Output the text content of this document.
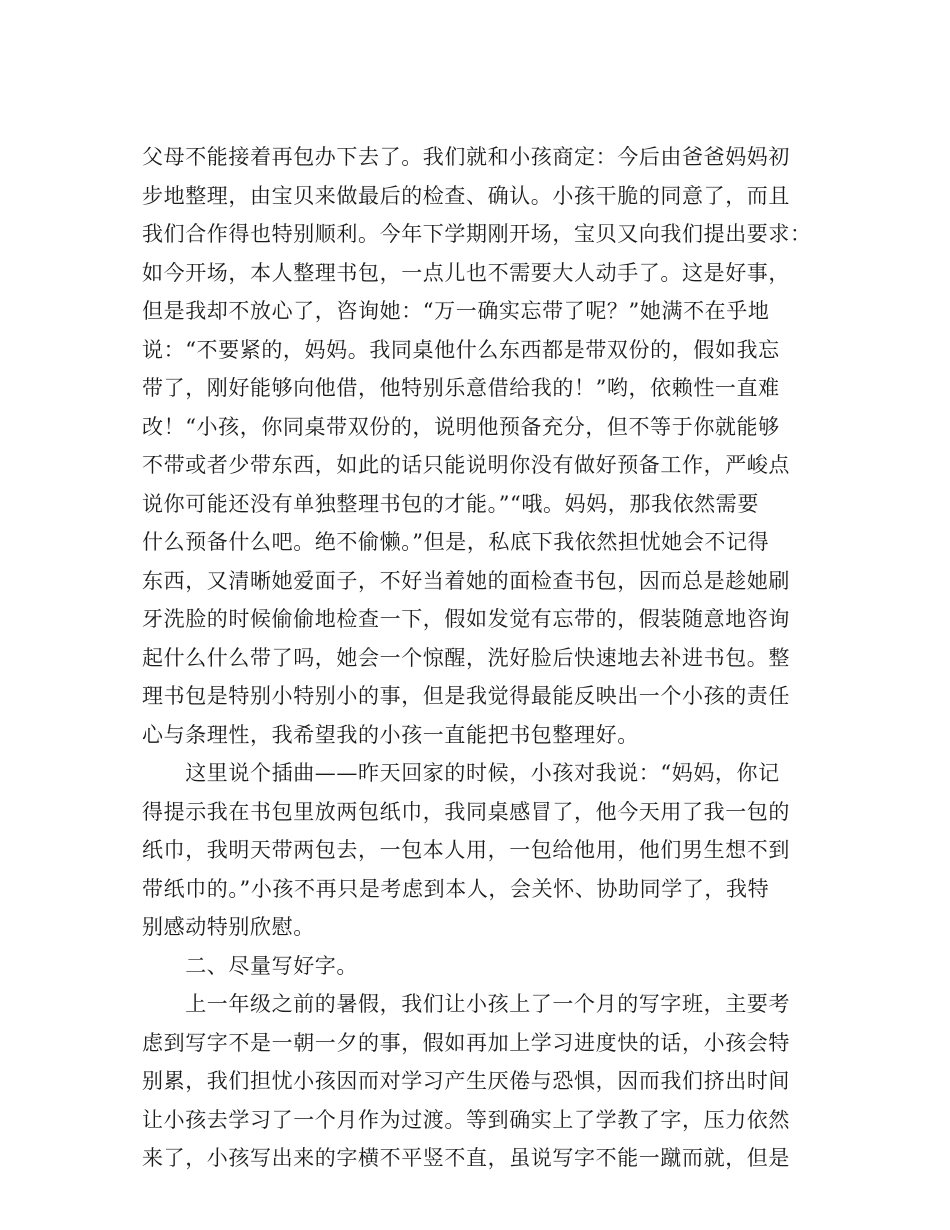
父母不能接着再包办下去了。我们就和小孩商定：今后由爸爸妈妈初
步地整理，由宝贝来做最后的检查、确认。小孩干脆的同意了，而且
我们合作得也特别顺利。今年下学期刚开场，宝贝又向我们提出要求：
如今开场，本人整理书包，一点儿也不需要大人动手了。这是好事，
但是我却不放心了，咨询她：“万一确实忘带了呢？”她满不在乎地
说：“不要紧的，妈妈。我同桌他什么东西都是带双份的，假如我忘
带了，刚好能够向他借，他特别乐意借给我的！”哟，依赖性一直难
改！“小孩，你同桌带双份的，说明他预备充分，但不等于你就能够
不带或者少带东西，如此的话只能说明你没有做好预备工作，严峻点
说你可能还没有单独整理书包的才能。”“哦。妈妈，那我依然需要
什么预备什么吧。绝不偷懒。”但是，私底下我依然担忧她会不记得
东西，又清晰她爱面子，不好当着她的面检查书包，因而总是趁她刷
牙洗脸的时候偷偷地检查一下，假如发觉有忘带的，假装随意地咨询
起什么什么带了吗，她会一个惊醒，洗好脸后快速地去补进书包。整
理书包是特别小特别小的事，但是我觉得最能反映出一个小孩的责任
心与条理性，我希望我的小孩一直能把书包整理好。
　　这里说个插曲——昨天回家的时候，小孩对我说：“妈妈，你记
得提示我在书包里放两包纸巾，我同桌感冒了，他今天用了我一包的
纸巾，我明天带两包去，一包本人用，一包给他用，他们男生想不到
带纸巾的。”小孩不再只是考虑到本人，会关怀、协助同学了，我特
别感动特别欣慰。
　　二、尽量写好字。
　　上一年级之前的暑假，我们让小孩上了一个月的写字班，主要考
虑到写字不是一朝一夕的事，假如再加上学习进度快的话，小孩会特
别累，我们担忧小孩因而对学习产生厌倦与恐惧，因而我们挤出时间
让小孩去学习了一个月作为过渡。等到确实上了学教了字，压力依然
来了，小孩写出来的字横不平竖不直，虽说写字不能一蹴而就，但是
